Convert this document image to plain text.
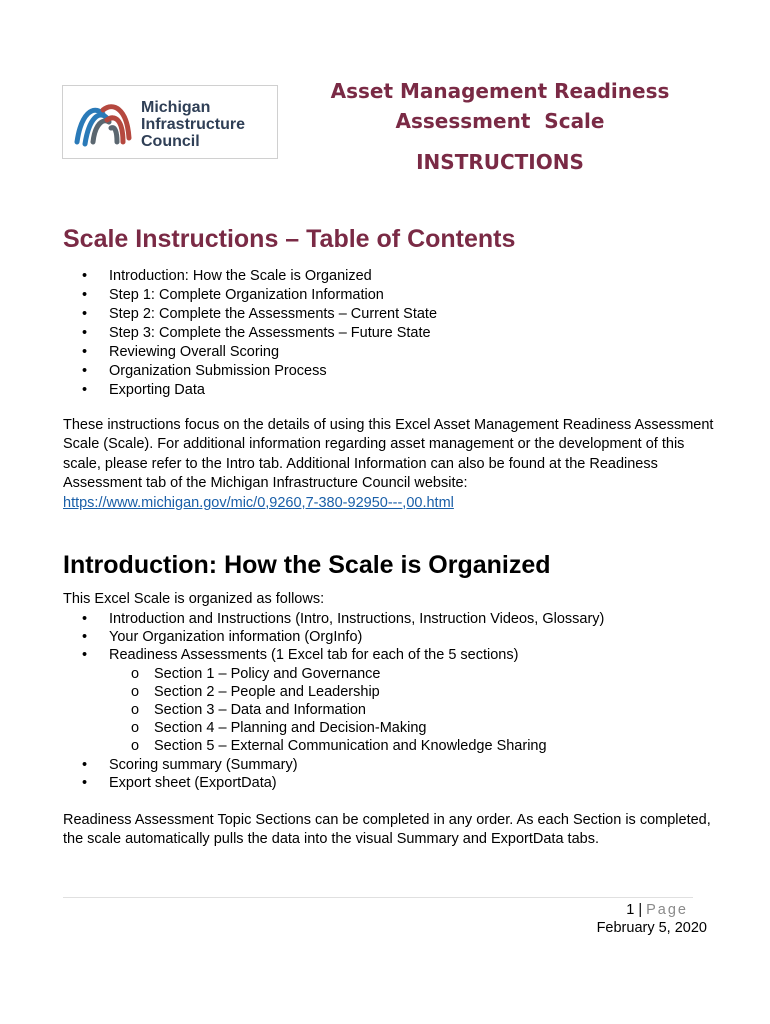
Michigan
Infrastructure
Council
Asset Management Readiness
Assessment  Scale
INSTRUCTIONS
Scale Instructions – Table of Contents
• Introduction: How the Scale is Organized
• Step 1: Complete Organization Information
• Step 2: Complete the Assessments – Current State
• Step 3: Complete the Assessments – Future State
• Reviewing Overall Scoring
• Organization Submission Process
• Exporting Data

These instructions focus on the details of using this Excel Asset Management Readiness Assessment Scale (Scale). For additional information regarding asset management or the development of this scale, please refer to the Intro tab. Additional Information can also be found at the Readiness Assessment tab of the Michigan Infrastructure Council website:
https://www.michigan.gov/mic/0,9260,7-380-92950---,00.html

Introduction: How the Scale is Organized
This Excel Scale is organized as follows:
• Introduction and Instructions (Intro, Instructions, Instruction Videos, Glossary)
• Your Organization information (OrgInfo)
• Readiness Assessments (1 Excel tab for each of the 5 sections)
o Section 1 – Policy and Governance
o Section 2 – People and Leadership
o Section 3 – Data and Information
o Section 4 – Planning and Decision-Making
o Section 5 – External Communication and Knowledge Sharing
• Scoring summary (Summary)
• Export sheet (ExportData)

Readiness Assessment Topic Sections can be completed in any order. As each Section is completed, the scale automatically pulls the data into the visual Summary and ExportData tabs.

1 | Page
February 5, 2020
